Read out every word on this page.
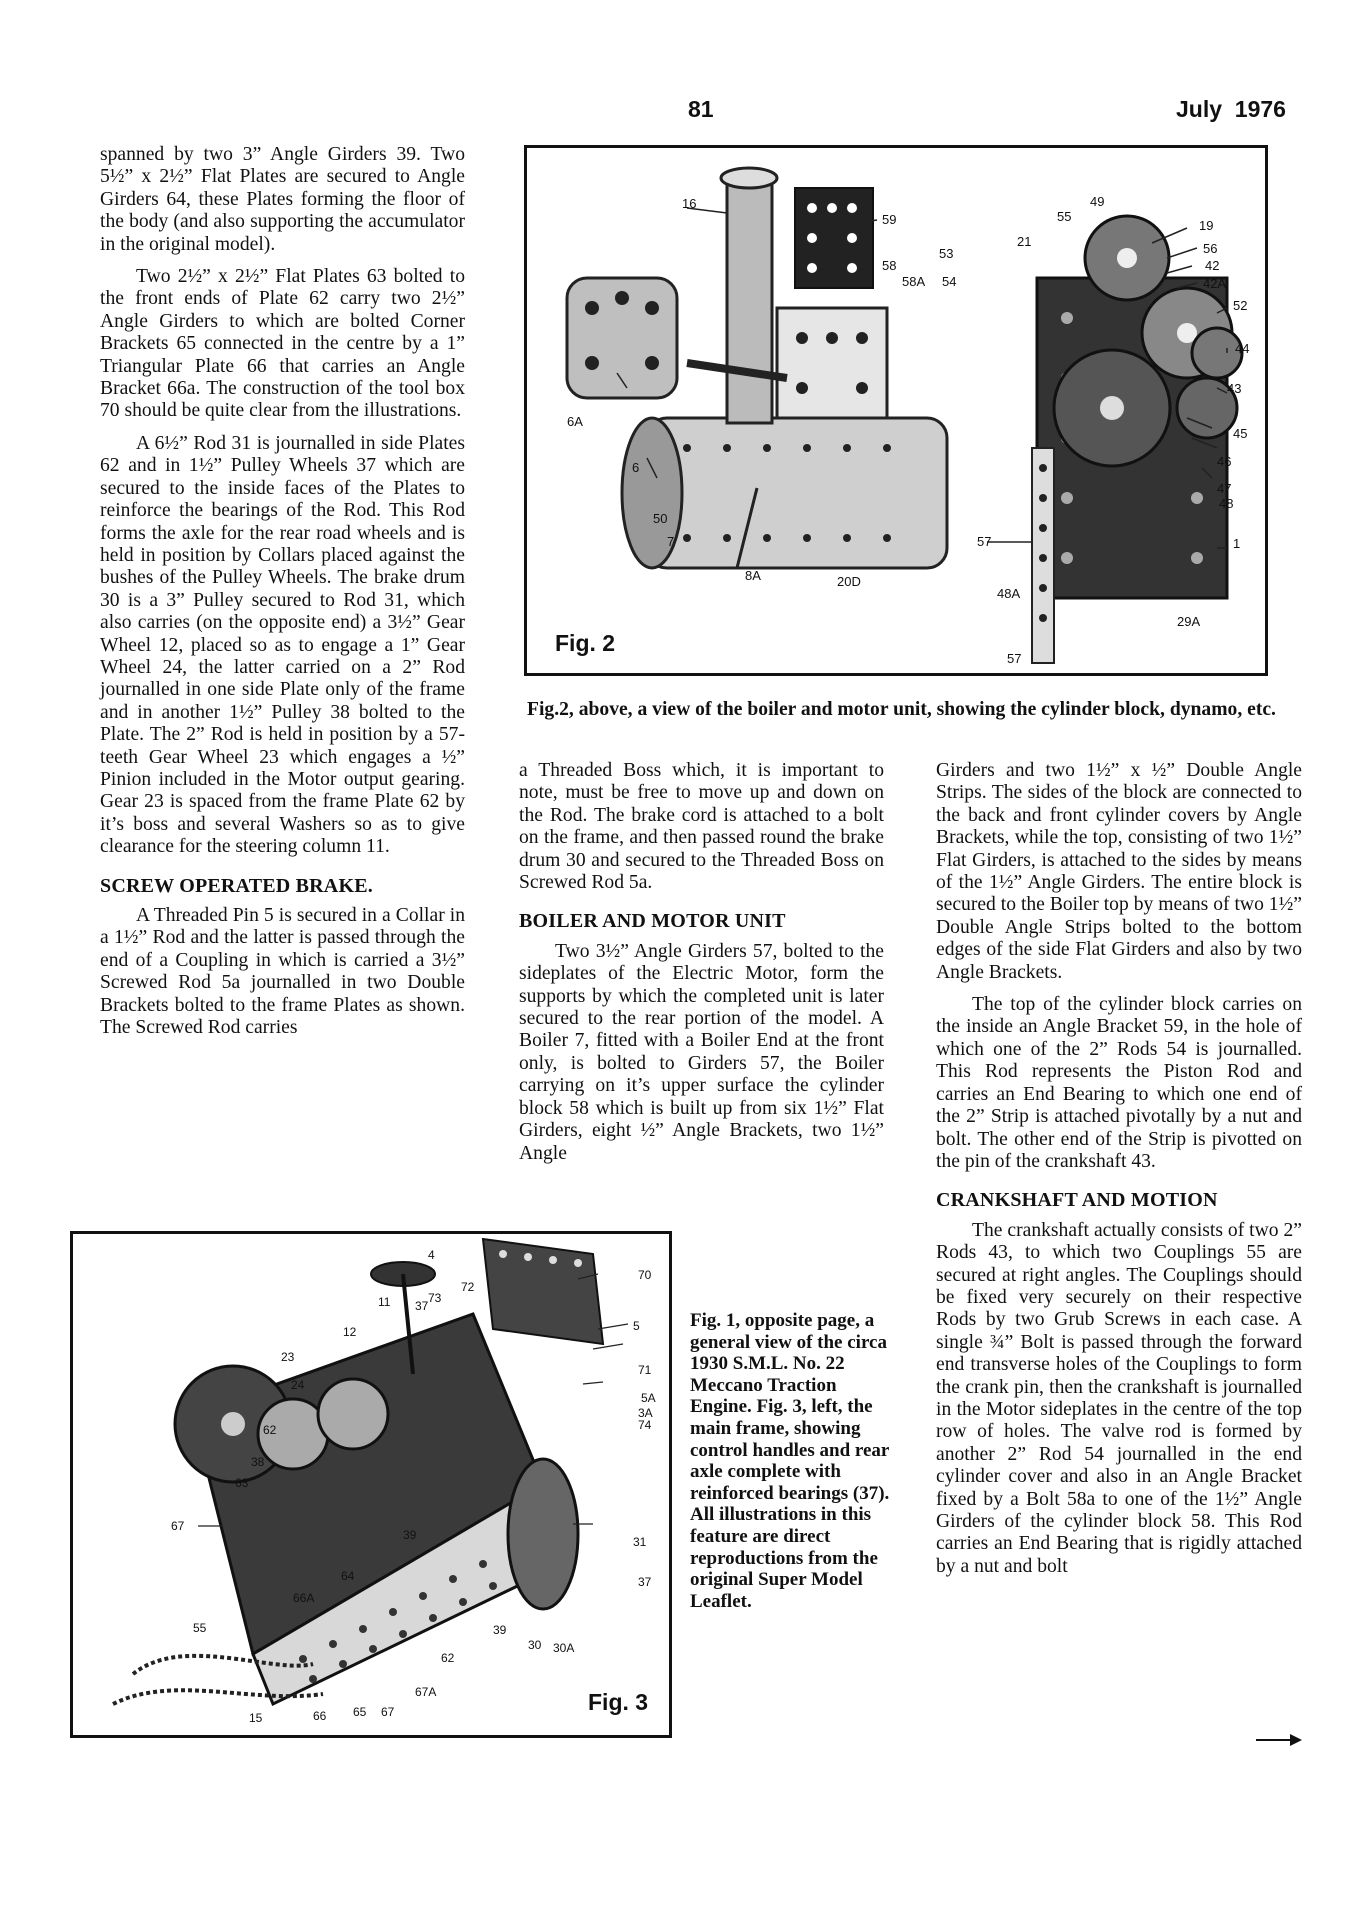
81	July  1976

spanned by two 3” Angle Girders 39. Two 5½” x 2½” Flat Plates are secured to Angle Girders 64, these Plates forming the floor of the body (and also supporting the accumulator in the original model).

Two 2½” x 2½” Flat Plates 63 bolted to the front ends of Plate 62 carry two 2½” Angle Girders to which are bolted Corner Brackets 65 connected in the centre by a 1” Triangular Plate 66 that carries an Angle Bracket 66a. The construction of the tool box 70 should be quite clear from the illustrations.

A 6½” Rod 31 is journalled in side Plates 62 and in 1½” Pulley Wheels 37 which are secured to the inside faces of the Plates to reinforce the bearings of the Rod. This Rod forms the axle for the rear road wheels and is held in position by Collars placed against the bushes of the Pulley Wheels. The brake drum 30 is a 3” Pulley secured to Rod 31, which also carries (on the opposite end) a 3½” Gear Wheel 12, placed so as to engage a 1” Gear Wheel 24, the latter carried on a 2” Rod journalled in one side Plate only of the frame and in another 1½” Pulley 38 bolted to the Plate. The 2” Rod is held in position by a 57-teeth Gear Wheel 23 which engages a ½” Pinion included in the Motor output gearing. Gear 23 is spaced from the frame Plate 62 by it’s boss and several Washers so as to give clearance for the steering column 11.

SCREW OPERATED BRAKE.

A Threaded Pin 5 is secured in a Collar in a 1½” Rod and the latter is passed through the end of a Coupling in which is carried a 3½” Screwed Rod 5a journalled in two Double Brackets bolted to the frame Plates as shown. The Screwed Rod carries

16
59
58
58A 54
53
55
49
21
19
56
42
42A
52
44
43
45
46
47
48
1
6A
6
50
7
8A	20D
57
48A
29A
57
Fig. 2
Fig.2, above, a view of the boiler and motor unit, showing the cylinder block, dynamo, etc.

a Threaded Boss which, it is important to note, must be free to move up and down on the Rod. The brake cord is attached to a bolt on the frame, and then passed round the brake drum 30 and secured to the Threaded Boss on Screwed Rod 5a.

BOILER AND MOTOR UNIT

Two 3½” Angle Girders 57, bolted to the sideplates of the Electric Motor, form the supports by which the completed unit is later secured to the rear portion of the model. A Boiler 7, fitted with a Boiler End at the front only, is bolted to Girders 57, the Boiler carrying on it’s upper surface the cylinder block 58 which is built up from six 1½” Flat Girders, eight ½” Angle Brackets, two 1½” Angle

Girders and two 1½” x ½” Double Angle Strips. The sides of the block are connected to the back and front cylinder covers by Angle Brackets, while the top, consisting of two 1½” Flat Girders, is attached to the sides by means of the 1½” Angle Girders. The entire block is secured to the Boiler top by means of two 1½” Double Angle Strips bolted to the bottom edges of the side Flat Girders and also by two Angle Brackets.

The top of the cylinder block carries on the inside an Angle Bracket 59, in the hole of which one of the 2” Rods 54 is journalled. This Rod represents the Piston Rod and carries an End Bearing to which one end of the 2” Strip is attached pivotally by a nut and bolt. The other end of the Strip is pivotted on the pin of the crankshaft 43.

CRANKSHAFT AND MOTION

The crankshaft actually consists of two 2” Rods 43, to which two Couplings 55 are secured at right angles. The Couplings should be fixed very securely on their respective Rods by two Grub Screws in each case. A single ¾” Bolt is passed through the forward end transverse holes of the Couplings to form the crank pin, then the crankshaft is journalled in the Motor sideplates in the centre of the top row of holes. The valve rod is formed by another 2” Rod 54 journalled in the end cylinder cover and also in an Angle Bracket fixed by a Bolt 58a to one of the 1½” Angle Girders of the cylinder block 58. This Rod carries an End Bearing that is rigidly attached by a nut and bolt

4
72
73
37
11
12
23
24
62
38
63
67
64
66A
55
15	66 65 67
67A
39
62
39
30 30A
37
31
74
3A
5A
71
5
70
Fig. 3
Fig. 1, opposite page, a general view of the circa 1930 S.M.L. No. 22 Meccano Traction Engine. Fig. 3, left, the main frame, showing control handles and rear axle complete with reinforced bearings (37). All illustrations in this feature are direct reproductions from the original Super Model Leaflet.
